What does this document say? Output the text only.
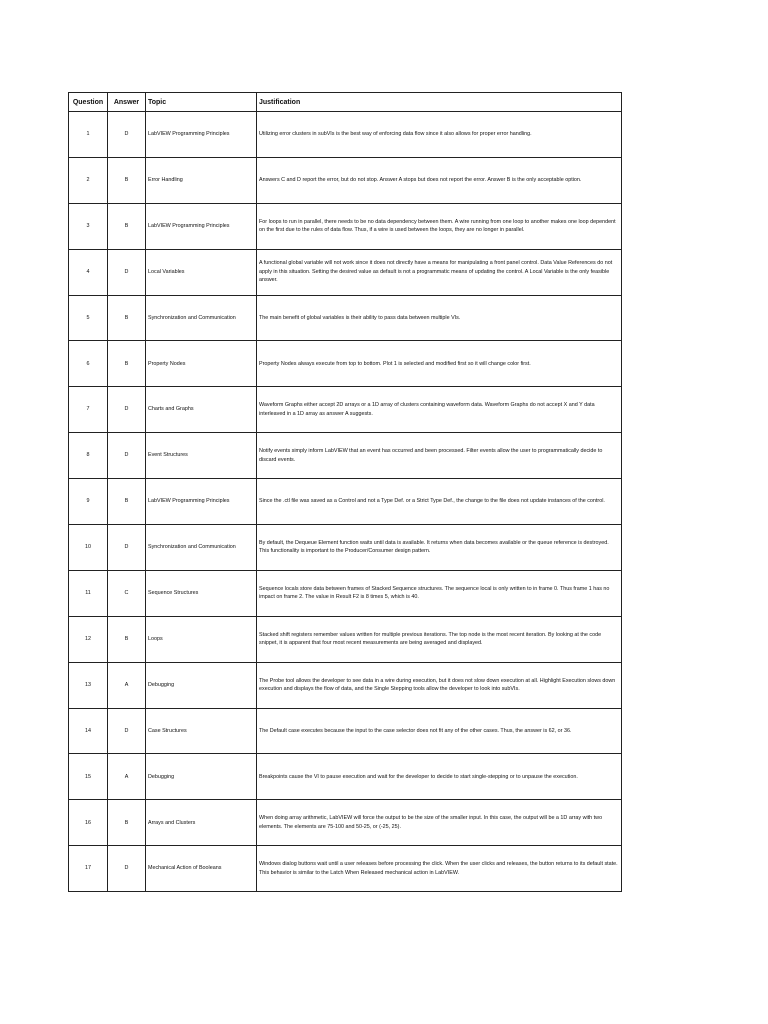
Question	Answer	Topic	Justification
1	D	LabVIEW Programming Principles	Utilizing error clusters in subVIs is the best way of enforcing data flow since it also allows for proper error handling.
2	B	Error Handling	Answers C and D report the error, but do not stop. Answer A stops but does not report the error. Answer B is the only acceptable option.
3	B	LabVIEW Programming Principles	For loops to run in parallel, there needs to be no data dependency between them. A wire running from one loop to another makes one loop dependent on the first due to the rules of data flow. Thus, if a wire is used between the loops, they are no longer in parallel.
4	D	Local Variables	A functional global variable will not work since it does not directly have a means for manipulating a front panel control. Data Value References do not apply in this situation. Setting the desired value as default is not a programmatic means of updating the control. A Local Variable is the only feasible answer.
5	B	Synchronization and Communication	The main benefit of global variables is their ability to pass data between multiple VIs.
6	B	Property Nodes	Property Nodes always execute from top to bottom. Plot 1 is selected and modified first so it will change color first.
7	D	Charts and Graphs	Waveform Graphs either accept 2D arrays or a 1D array of clusters containing waveform data. Waveform Graphs do not accept X and Y data interleaved in a 1D array as answer A suggests.
8	D	Event Structures	Notify events simply inform LabVIEW that an event has occurred and been processed. Filter events allow the user to programmatically decide to discard events.
9	B	LabVIEW Programming Principles	Since the .ctl file was saved as a Control and not a Type Def. or a Strict Type Def., the change to the file does not update instances of the control.
10	D	Synchronization and Communication	By default, the Dequeue Element function waits until data is available. It returns when data becomes available or the queue reference is destroyed. This functionality is important to the Producer/Consumer design pattern.
11	C	Sequence Structures	Sequence locals store data between frames of Stacked Sequence structures. The sequence local is only written to in frame 0. Thus frame 1 has no impact on frame 2. The value in Result F2 is 8 times 5, which is 40.
12	B	Loops	Stacked shift registers remember values written for multiple previous iterations. The top node is the most recent iteration. By looking at the code snippet, it is apparent that four most recent measurements are being averaged and displayed.
13	A	Debugging	The Probe tool allows the developer to see data in a wire during execution, but it does not slow down execution at all. Highlight Execution slows down execution and displays the flow of data, and the Single Stepping tools allow the developer to look into subVIs.
14	D	Case Structures	The Default case executes because the input to the case selector does not fit any of the other cases. Thus, the answer is 62, or 36.
15	A	Debugging	Breakpoints cause the VI to pause execution and wait for the developer to decide to start single-stepping or to unpause the execution.
16	B	Arrays and Clusters	When doing array arithmetic, LabVIEW will force the output to be the size of the smaller input. In this case, the output will be a 1D array with two elements. The elements are 75-100 and 50-25, or (-25, 25).
17	D	Mechanical Action of Booleans	Windows dialog buttons wait until a user releases before processing the click. When the user clicks and releases, the button returns to its default state. This behavior is similar to the Latch When Released mechanical action in LabVIEW.
